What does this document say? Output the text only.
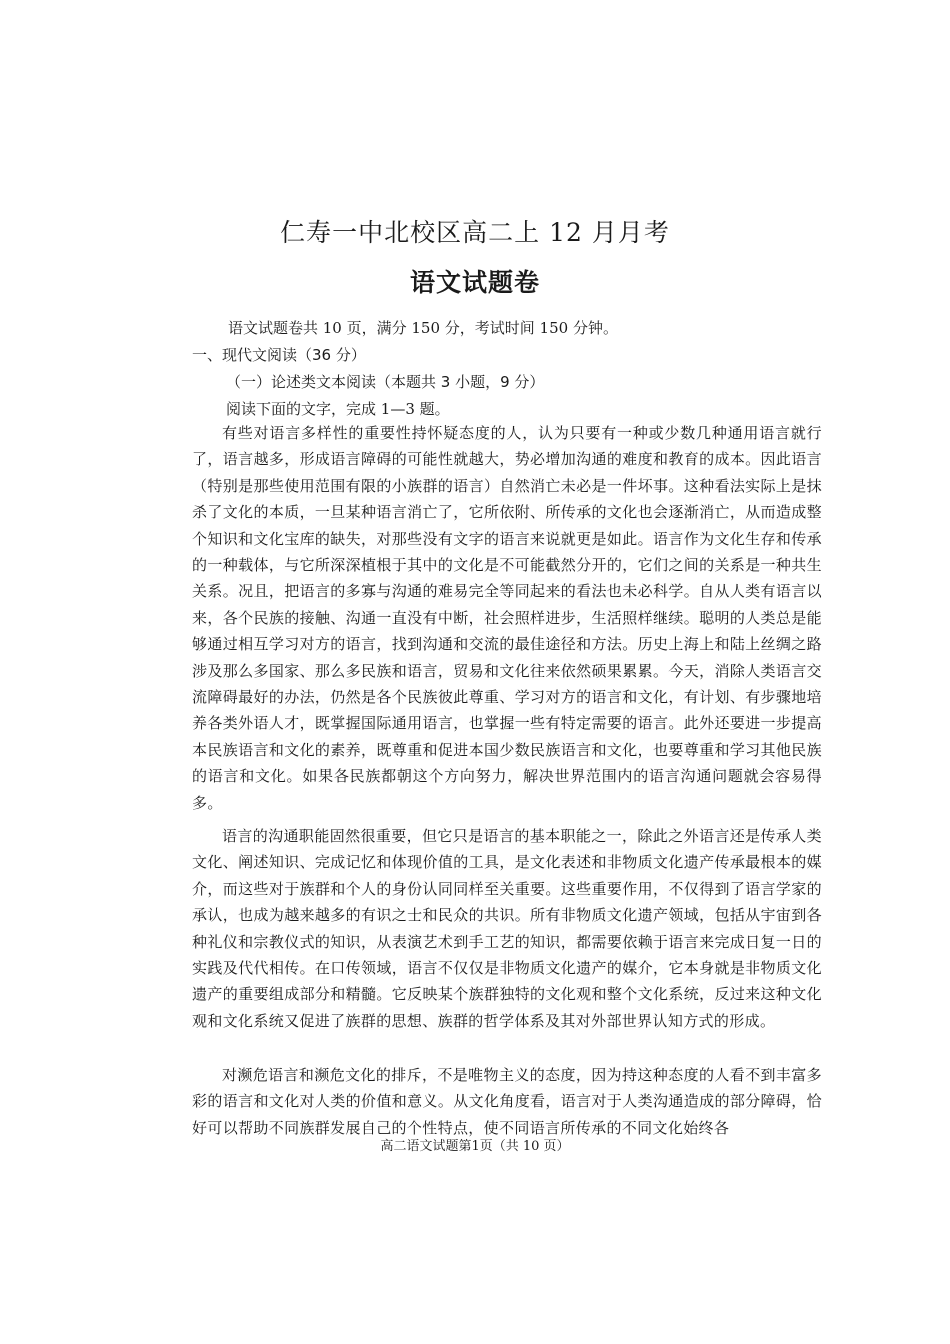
仁寿一中北校区高二上 12 月月考
语文试题卷
语文试题卷共 10 页，满分 150 分，考试时间 150 分钟。
一、现代文阅读（36 分）
（一）论述类文本阅读（本题共 3 小题，9 分）
阅读下面的文字，完成 1—3 题。
有些对语言多样性的重要性持怀疑态度的人，认为只要有一种或少数几种通用语言就行了，语言越多，形成语言障碍的可能性就越大，势必增加沟通的难度和教育的成本。因此语言（特别是那些使用范围有限的小族群的语言）自然消亡未必是一件坏事。这种看法实际上是抹杀了文化的本质，一旦某种语言消亡了，它所依附、所传承的文化也会逐渐消亡，从而造成整个知识和文化宝库的缺失，对那些没有文字的语言来说就更是如此。语言作为文化生存和传承的一种载体，与它所深深植根于其中的文化是不可能截然分开的，它们之间的关系是一种共生关系。况且，把语言的多寡与沟通的难易完全等同起来的看法也未必科学。自从人类有语言以来，各个民族的接触、沟通一直没有中断，社会照样进步，生活照样继续。聪明的人类总是能够通过相互学习对方的语言，找到沟通和交流的最佳途径和方法。历史上海上和陆上丝绸之路涉及那么多国家、那么多民族和语言，贸易和文化往来依然硕果累累。今天，消除人类语言交流障碍最好的办法，仍然是各个民族彼此尊重、学习对方的语言和文化，有计划、有步骤地培养各类外语人才，既掌握国际通用语言，也掌握一些有特定需要的语言。此外还要进一步提高本民族语言和文化的素养，既尊重和促进本国少数民族语言和文化，也要尊重和学习其他民族的语言和文化。如果各民族都朝这个方向努力，解决世界范围内的语言沟通问题就会容易得多。
语言的沟通职能固然很重要，但它只是语言的基本职能之一，除此之外语言还是传承人类文化、阐述知识、完成记忆和体现价值的工具，是文化表述和非物质文化遗产传承最根本的媒介，而这些对于族群和个人的身份认同同样至关重要。这些重要作用，不仅得到了语言学家的承认，也成为越来越多的有识之士和民众的共识。所有非物质文化遗产领域，包括从宇宙到各种礼仪和宗教仪式的知识，从表演艺术到手工艺的知识，都需要依赖于语言来完成日复一日的实践及代代相传。在口传领域，语言不仅仅是非物质文化遗产的媒介，它本身就是非物质文化遗产的重要组成部分和精髓。它反映某个族群独特的文化观和整个文化系统，反过来这种文化观和文化系统又促进了族群的思想、族群的哲学体系及其对外部世界认知方式的形成。
对濒危语言和濒危文化的排斥，不是唯物主义的态度，因为持这种态度的人看不到丰富多彩的语言和文化对人类的价值和意义。从文化角度看，语言对于人类沟通造成的部分障碍，恰好可以帮助不同族群发展自己的个性特点，使不同语言所传承的不同文化始终各
高二语文试题第1页（共 10 页）
